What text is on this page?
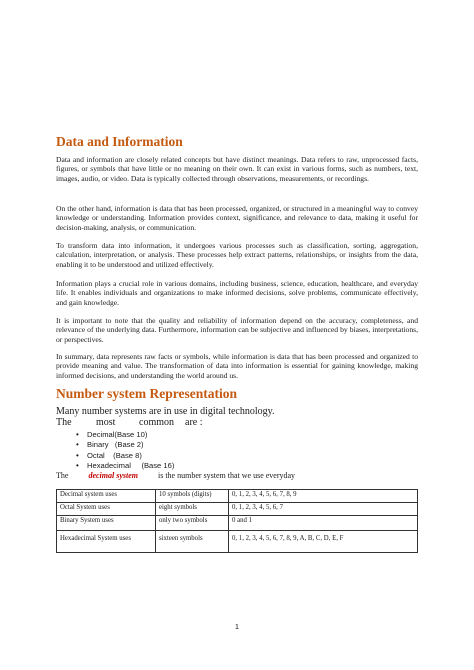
Data and Information

Data and information are closely related concepts but have distinct meanings. Data refers to raw, unprocessed facts, figures, or symbols that have little or no meaning on their own. It can exist in various forms, such as numbers, text, images, audio, or video. Data is typically collected through observations, measurements, or recordings.

On the other hand, information is data that has been processed, organized, or structured in a meaningful way to convey knowledge or understanding. Information provides context, significance, and relevance to data, making it useful for decision-making, analysis, or communication.

To transform data into information, it undergoes various processes such as classification, sorting, aggregation, calculation, interpretation, or analysis. These processes help extract patterns, relationships, or insights from the data, enabling it to be understood and utilized effectively.

Information plays a crucial role in various domains, including business, science, education, healthcare, and everyday life. It enables individuals and organizations to make informed decisions, solve problems, communicate effectively, and gain knowledge.

It is important to note that the quality and reliability of information depend on the accuracy, completeness, and relevance of the underlying data. Furthermore, information can be subjective and influenced by biases, interpretations, or perspectives.

In summary, data represents raw facts or symbols, while information is data that has been processed and organized to provide meaning and value. The transformation of data into information is essential for gaining knowledge, making informed decisions, and understanding the world around us.

Number system Representation
Many number systems are in use in digital technology.
The	most	common	are :
• Decimal(Base 10)
• Binary   (Base 2)
• Octal    (Base 8)
• Hexadecimal     (Base 16)
The	decimal system	is the number system that we use everyday
Decimal system uses	10 symbols (digits)	0, 1, 2, 3, 4, 5, 6, 7, 8, 9
Octal System uses	eight symbols	0, 1, 2, 3, 4, 5, 6, 7
Binary System uses	only two symbols	0 and 1
Hexadecimal System uses	sixteen symbols	0, 1, 2, 3, 4, 5, 6, 7, 8, 9, A, B, C, D, E, F
1
